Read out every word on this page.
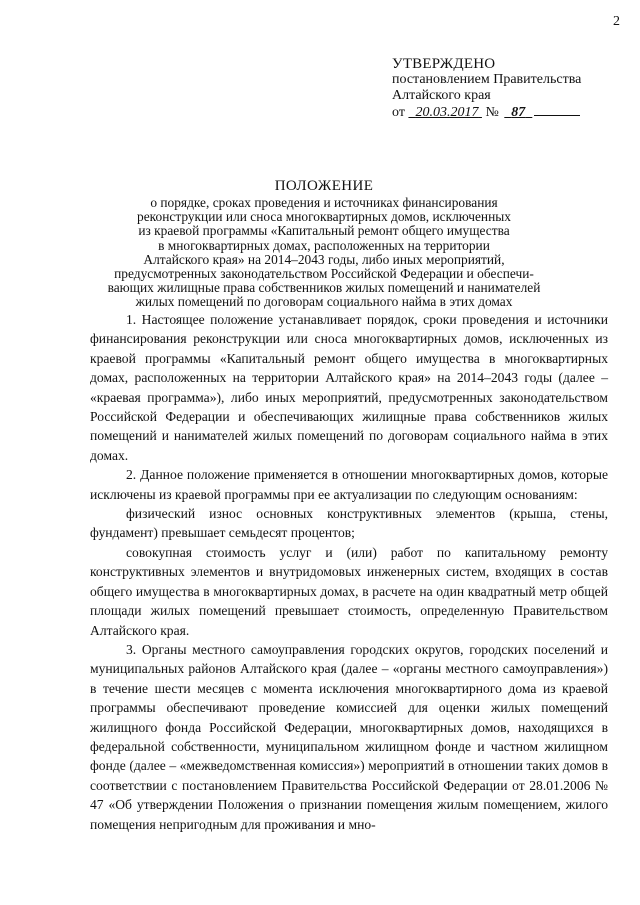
2
УТВЕРЖДЕНО
постановлением Правительства
Алтайского края
от 20.03.2017 № 87
ПОЛОЖЕНИЕ
о порядке, сроках проведения и источниках финансирования
реконструкции или сноса многоквартирных домов, исключенных
из краевой программы «Капитальный ремонт общего имущества
в многоквартирных домах, расположенных на территории
Алтайского края» на 2014–2043 годы, либо иных мероприятий,
предусмотренных законодательством Российской Федерации и обеспечи-
вающих жилищные права собственников жилых помещений и нанимателей
жилых помещений по договорам социального найма в этих домах

1. Настоящее положение устанавливает порядок, сроки проведения и источники финансирования реконструкции или сноса многоквартирных домов, исключенных из краевой программы «Капитальный ремонт общего имущества в многоквартирных домах, расположенных на территории Алтайского края» на 2014–2043 годы (далее – «краевая программа»), либо иных мероприятий, предусмотренных законодательством Российской Федерации и обеспечивающих жилищные права собственников жилых помещений и нанимателей жилых помещений по договорам социального найма в этих домах.

2. Данное положение применяется в отношении многоквартирных домов, которые исключены из краевой программы при ее актуализации по следующим основаниям:

физический износ основных конструктивных элементов (крыша, стены, фундамент) превышает семьдесят процентов;

совокупная стоимость услуг и (или) работ по капитальному ремонту конструктивных элементов и внутридомовых инженерных систем, входящих в состав общего имущества в многоквартирных домах, в расчете на один квадратный метр общей площади жилых помещений превышает стоимость, определенную Правительством Алтайского края.

3. Органы местного самоуправления городских округов, городских поселений и муниципальных районов Алтайского края (далее – «органы местного самоуправления») в течение шести месяцев с момента исключения многоквартирного дома из краевой программы обеспечивают проведение комиссией для оценки жилых помещений жилищного фонда Российской Федерации, многоквартирных домов, находящихся в федеральной собственности, муниципальном жилищном фонде и частном жилищном фонде (далее – «межведомственная комиссия») мероприятий в отношении таких домов в соответствии с постановлением Правительства Российской Федерации от 28.01.2006 № 47 «Об утверждении Положения о признании помещения жилым помещением, жилого помещения непригодным для проживания и мно-
